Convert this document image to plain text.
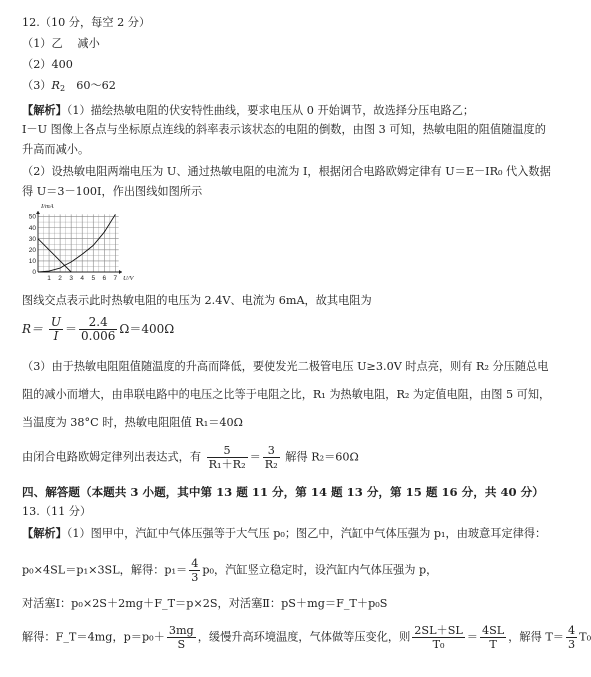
12.（10 分，每空 2 分）
（1）乙　 减小
（2）400
$(3)R_2$　60～62
【解析】（1）描绘热敏电阻的伏安特性曲线，要求电压从 0 开始调节，故选择分压电路乙；
I－U 图像上各点与坐标原点连线的斜率表示该状态的电阻的倒数，由图 3 可知，热敏电阻的阻值随温度的
升高而减小。
（2）设热敏电阻两端电压为 U、通过热敏电阻的电流为 I，根据闭合电路欧姆定律有 U＝E－IR₀ 代入数据
得 U＝3－100I，作出图线如图所示
1 2 3 4 5 6 7
0
10
20
30
40
50
U/V
I/mA
图线交点表示此时热敏电阻的电压为 2.4V、电流为 6mA，故其电阻为
$R= \frac{U}{I} = \frac{2.4}{0.006} \Omega=400\Omega$
（3）由于热敏电阻阻值随温度的升高而降低，要使发光二极管电压 U≥3.0V 时点亮，则有 R₂ 分压随总电
阻的减小而增大，由串联电路中的电压之比等于电阻之比，R₁ 为热敏电阻，R₂ 为定值电阻，由图 5 可知，
当温度为 38°C 时，热敏电阻阻值 R₁＝40Ω
由闭合电路欧姆定律列出表达式，有 $\frac{5}{\text{R₁＋R₂}} = \frac{3}{\text{R₂}}$ 解得 R₂＝60Ω
四、解答题（本题共 3 小题，其中第 13 题 11 分，第 14 题 13 分，第 15 题 16 分，共 40 分）
13.（11 分）
【解析】（1）图甲中，汽缸中气体压强等于大气压 p₀；图乙中，汽缸中气体压强为 p₁，由玻意耳定律得：
p₀×4SL＝p₁×3SL，解得：$p_1= \frac{4}{3} p_0$，汽缸竖立稳定时，设汽缸内气体压强为 p，
对活塞Ⅰ：p₀×2S＋2mg＋F_T＝p×2S，对活塞Ⅱ：pS＋mg＝F_T＋p₀S
解得：F_T＝4mg，$p=p_0+ \frac{3mg}{S}$ ，缓慢升高环境温度，气体做等压变化，则 $\frac{2SL+SL}{\text{T₀}} = \frac{4SL}{T}$ ，解得 $T= \frac{4}{3} T_0$
